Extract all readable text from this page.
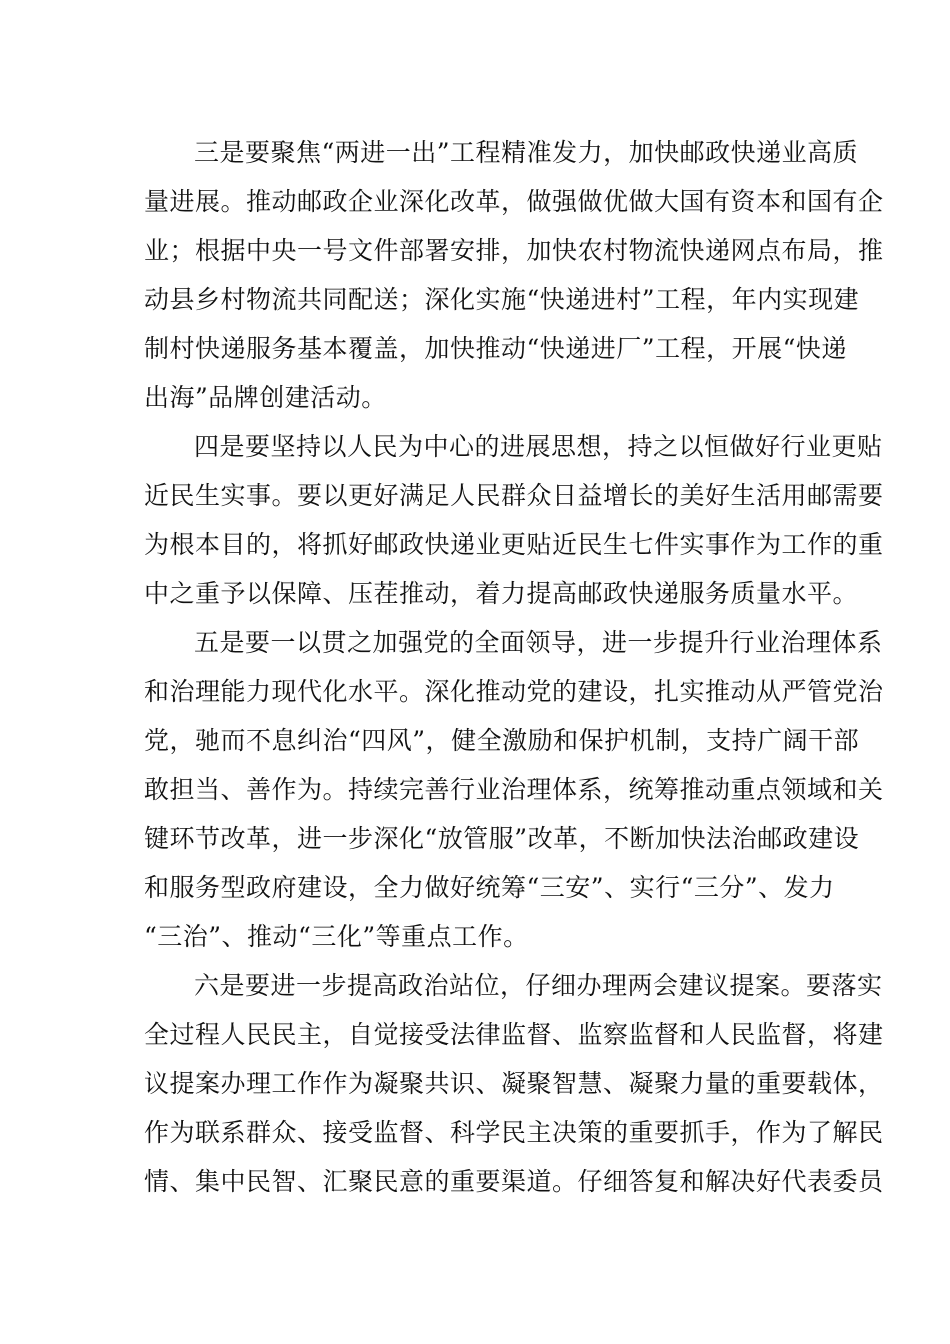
三是要聚焦“两进一出”工程精准发力，加快邮政快递业高质
量进展。推动邮政企业深化改革，做强做优做大国有资本和国有企
业；根据中央一号文件部署安排，加快农村物流快递网点布局，推
动县乡村物流共同配送；深化实施“快递进村”工程，年内实现建
制村快递服务基本覆盖，加快推动“快递进厂”工程，开展“快递
出海”品牌创建活动。
四是要坚持以人民为中心的进展思想，持之以恒做好行业更贴
近民生实事。要以更好满足人民群众日益增长的美好生活用邮需要
为根本目的，将抓好邮政快递业更贴近民生七件实事作为工作的重
中之重予以保障、压茬推动，着力提高邮政快递服务质量水平。
五是要一以贯之加强党的全面领导，进一步提升行业治理体系
和治理能力现代化水平。深化推动党的建设，扎实推动从严管党治
党，驰而不息纠治“四风”，健全激励和保护机制，支持广阔干部
敢担当、善作为。持续完善行业治理体系，统筹推动重点领域和关
键环节改革，进一步深化“放管服”改革，不断加快法治邮政建设
和服务型政府建设，全力做好统筹“三安”、实行“三分”、发力
“三治”、推动“三化”等重点工作。
六是要进一步提高政治站位，仔细办理两会建议提案。要落实
全过程人民民主，自觉接受法律监督、监察监督和人民监督，将建
议提案办理工作作为凝聚共识、凝聚智慧、凝聚力量的重要载体，
作为联系群众、接受监督、科学民主决策的重要抓手，作为了解民
情、集中民智、汇聚民意的重要渠道。仔细答复和解决好代表委员
